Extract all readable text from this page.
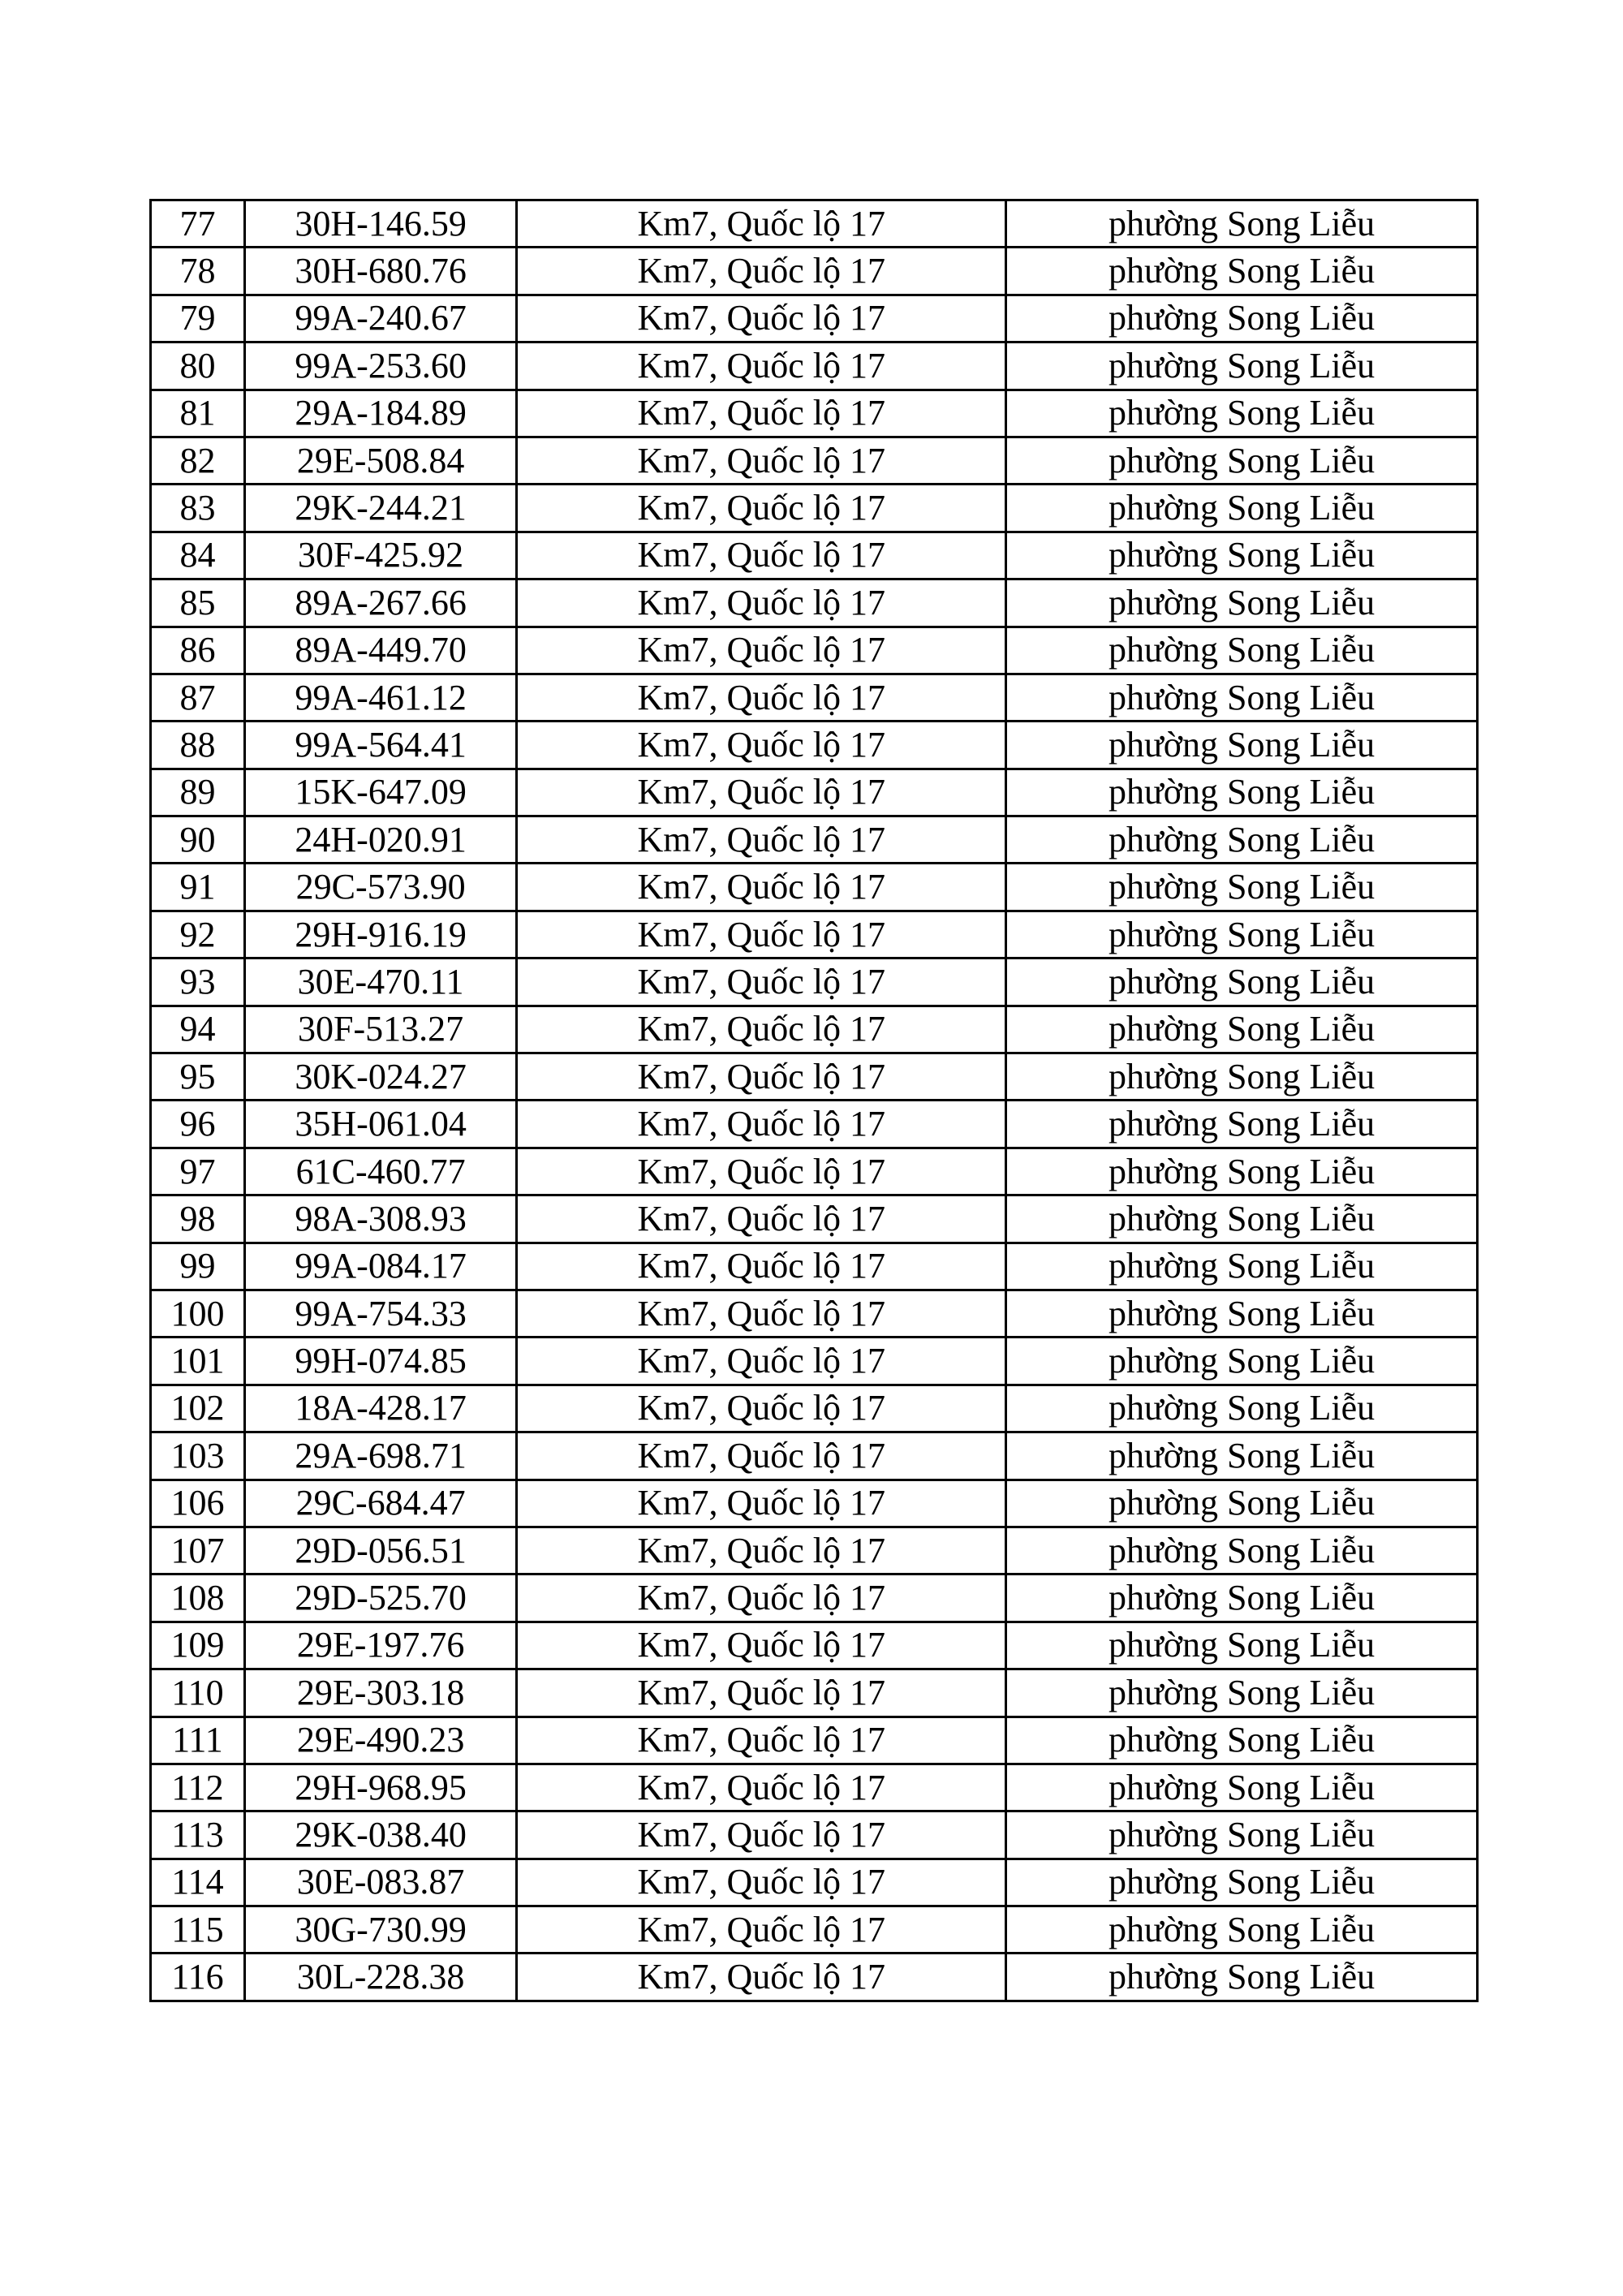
77	30H-146.59	Km7, Quốc lộ 17	phường Song Liễu
78	30H-680.76	Km7, Quốc lộ 17	phường Song Liễu
79	99A-240.67	Km7, Quốc lộ 17	phường Song Liễu
80	99A-253.60	Km7, Quốc lộ 17	phường Song Liễu
81	29A-184.89	Km7, Quốc lộ 17	phường Song Liễu
82	29E-508.84	Km7, Quốc lộ 17	phường Song Liễu
83	29K-244.21	Km7, Quốc lộ 17	phường Song Liễu
84	30F-425.92	Km7, Quốc lộ 17	phường Song Liễu
85	89A-267.66	Km7, Quốc lộ 17	phường Song Liễu
86	89A-449.70	Km7, Quốc lộ 17	phường Song Liễu
87	99A-461.12	Km7, Quốc lộ 17	phường Song Liễu
88	99A-564.41	Km7, Quốc lộ 17	phường Song Liễu
89	15K-647.09	Km7, Quốc lộ 17	phường Song Liễu
90	24H-020.91	Km7, Quốc lộ 17	phường Song Liễu
91	29C-573.90	Km7, Quốc lộ 17	phường Song Liễu
92	29H-916.19	Km7, Quốc lộ 17	phường Song Liễu
93	30E-470.11	Km7, Quốc lộ 17	phường Song Liễu
94	30F-513.27	Km7, Quốc lộ 17	phường Song Liễu
95	30K-024.27	Km7, Quốc lộ 17	phường Song Liễu
96	35H-061.04	Km7, Quốc lộ 17	phường Song Liễu
97	61C-460.77	Km7, Quốc lộ 17	phường Song Liễu
98	98A-308.93	Km7, Quốc lộ 17	phường Song Liễu
99	99A-084.17	Km7, Quốc lộ 17	phường Song Liễu
100	99A-754.33	Km7, Quốc lộ 17	phường Song Liễu
101	99H-074.85	Km7, Quốc lộ 17	phường Song Liễu
102	18A-428.17	Km7, Quốc lộ 17	phường Song Liễu
103	29A-698.71	Km7, Quốc lộ 17	phường Song Liễu
106	29C-684.47	Km7, Quốc lộ 17	phường Song Liễu
107	29D-056.51	Km7, Quốc lộ 17	phường Song Liễu
108	29D-525.70	Km7, Quốc lộ 17	phường Song Liễu
109	29E-197.76	Km7, Quốc lộ 17	phường Song Liễu
110	29E-303.18	Km7, Quốc lộ 17	phường Song Liễu
111	29E-490.23	Km7, Quốc lộ 17	phường Song Liễu
112	29H-968.95	Km7, Quốc lộ 17	phường Song Liễu
113	29K-038.40	Km7, Quốc lộ 17	phường Song Liễu
114	30E-083.87	Km7, Quốc lộ 17	phường Song Liễu
115	30G-730.99	Km7, Quốc lộ 17	phường Song Liễu
116	30L-228.38	Km7, Quốc lộ 17	phường Song Liễu
